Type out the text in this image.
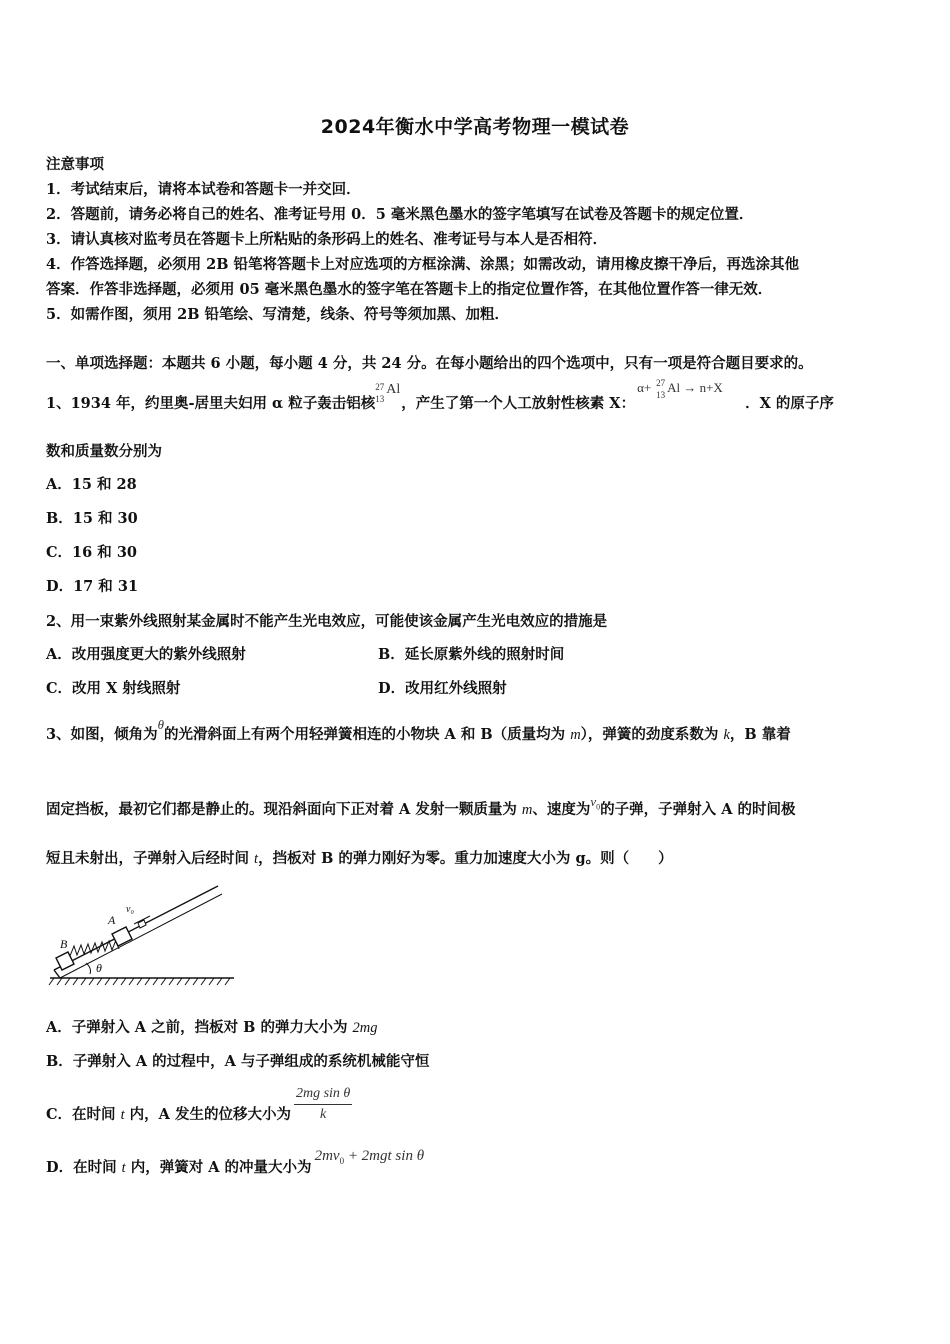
2024年衡水中学高考物理一模试卷
注意事项
1．考试结束后，请将本试卷和答题卡一并交回．
2．答题前，请务必将自己的姓名、准考证号用 0．5 毫米黑色墨水的签字笔填写在试卷及答题卡的规定位置．
3．请认真核对监考员在答题卡上所粘贴的条形码上的姓名、准考证号与本人是否相符．
4．作答选择题，必须用 2B 铅笔将答题卡上对应选项的方框涂满、涂黑；如需改动，请用橡皮擦干净后，再选涂其他
答案．作答非选择题，必须用 05 毫米黑色墨水的签字笔在答题卡上的指定位置作答，在其他位置作答一律无效．
5．如需作图，须用 2B 铅笔绘、写清楚，线条、符号等须加黑、加粗．
一、单项选择题：本题共 6 小题，每小题 4 分，共 24 分。在每小题给出的四个选项中，只有一项是符合题目要求的。
1、1934 年，约里奥-居里夫妇用 α 粒子轰击铝核
27
13
Al
，产生了第一个人工放射性核素 X：
α+ 27
13 Al → n+X
．X 的原子序
数和质量数分别为
A．15 和 28
B．15 和 30
C．16 和 30
D．17 和 31
2、用一束紫外线照射某金属时不能产生光电效应，可能使该金属产生光电效应的措施是
A．改用强度更大的紫外线照射	B．延长原紫外线的照射时间
C．改用 X 射线照射	D．改用红外线照射
3、如图，倾角为θ的光滑斜面上有两个用轻弹簧相连的小物块 A 和 B（质量均为 m），弹簧的劲度系数为 k，B 靠着
固定挡板，最初它们都是静止的。现沿斜面向下正对着 A 发射一颗质量为 m、速度为$v_0$的子弹，子弹射入 A 的时间极
短且未射出，子弹射入后经时间 t，挡板对 B 的弹力刚好为零。重力加速度大小为 g。则（　　）
v₀
A
B
θ
A．子弹射入 A 之前，挡板对 B 的弹力大小为 2mg
B．子弹射入 A 的过程中，A 与子弹组成的系统机械能守恒
C．在时间 t 内，A 发生的位移大小为 $\frac{\text{2mg sin θ}}{k}$
D．在时间 t 内，弹簧对 A 的冲量大小为$2mv_0 + 2mgt$ sin θ
